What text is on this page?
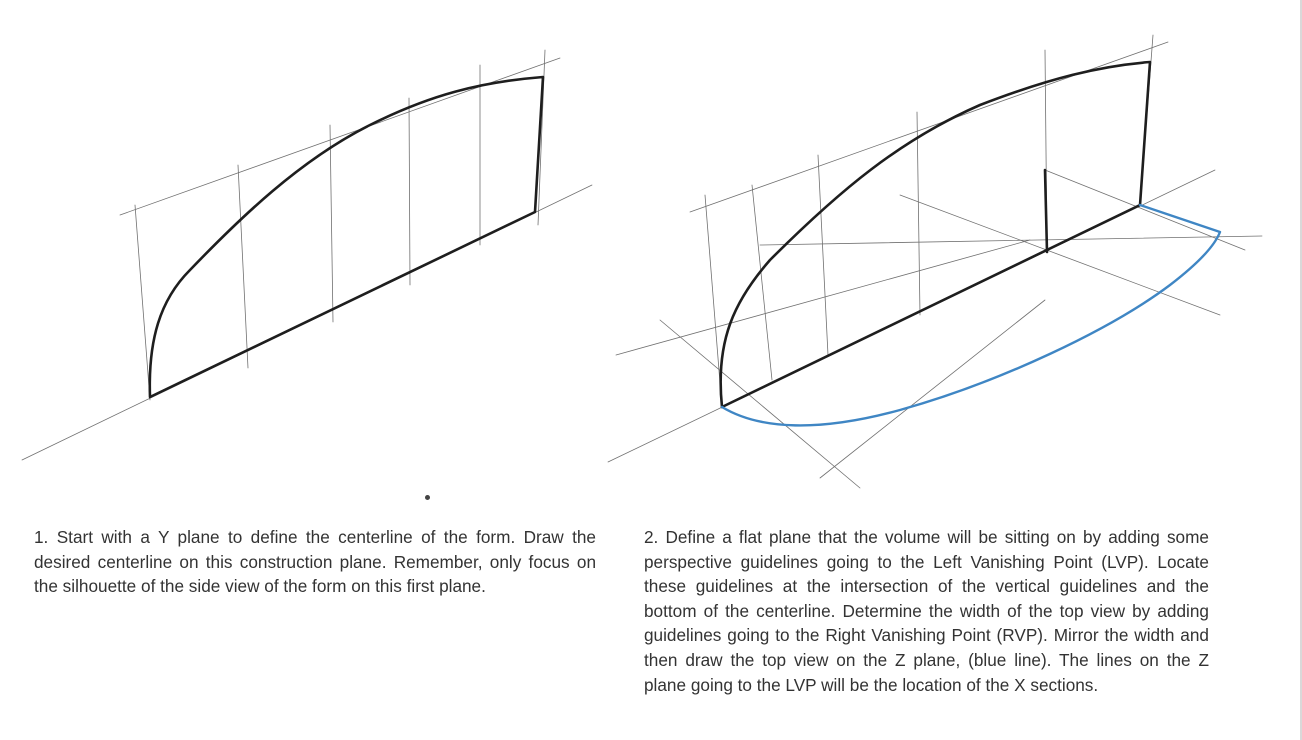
1. Start with a Y plane to define the centerline of the form. Draw the desired centerline on this construction plane. Remember, only focus on the silhouette of the side view of the form on this first plane.

2. Define a flat plane that the volume will be sitting on by adding some perspective guidelines going to the Left Vanishing Point (LVP). Locate these guidelines at the intersection of the vertical guidelines and the bottom of the centerline. Determine the width of the top view by adding guidelines going to the Right Vanishing Point (RVP). Mirror the width and then draw the top view on the Z plane, (blue line). The lines on the Z plane going to the LVP will be the location of the X sections.
